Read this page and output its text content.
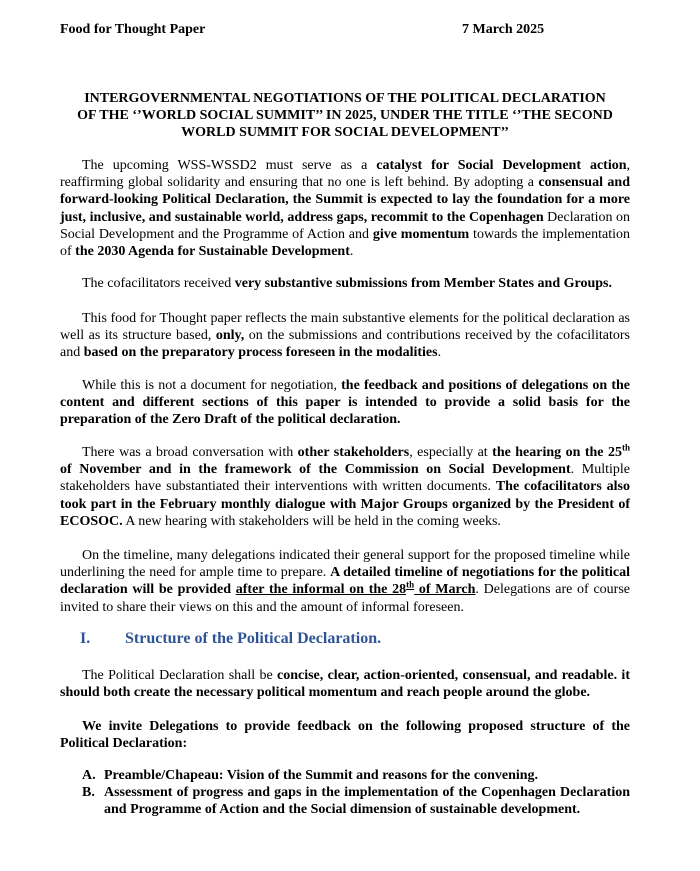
Food for Thought Paper	7 March 2025
INTERGOVERNMENTAL NEGOTIATIONS OF THE POLITICAL DECLARATION
OF THE ‘’WORLD SOCIAL SUMMIT’’ IN 2025, UNDER THE TITLE ‘’THE SECOND
WORLD SUMMIT FOR SOCIAL DEVELOPMENT’’
The upcoming WSS-WSSD2 must serve as a catalyst for Social Development action, reaffirming global solidarity and ensuring that no one is left behind. By adopting a consensual and forward-looking Political Declaration, the Summit is expected to lay the foundation for a more just, inclusive, and sustainable world, address gaps, recommit to the Copenhagen Declaration on Social Development and the Programme of Action and give momentum towards the implementation of the 2030 Agenda for Sustainable Development.
The cofacilitators received very substantive submissions from Member States and Groups.
This food for Thought paper reflects the main substantive elements for the political declaration as well as its structure based, only, on the submissions and contributions received by the cofacilitators and based on the preparatory process foreseen in the modalities.
While this is not a document for negotiation, the feedback and positions of delegations on the content and different sections of this paper is intended to provide a solid basis for the preparation of the Zero Draft of the political declaration.
There was a broad conversation with other stakeholders, especially at the hearing on the 25th of November and in the framework of the Commission on Social Development. Multiple stakeholders have substantiated their interventions with written documents. The cofacilitators also took part in the February monthly dialogue with Major Groups organized by the President of ECOSOC. A new hearing with stakeholders will be held in the coming weeks.
On the timeline, many delegations indicated their general support for the proposed timeline while underlining the need for ample time to prepare. A detailed timeline of negotiations for the political declaration will be provided after the informal on the 28th of March. Delegations are of course invited to share their views on this and the amount of informal foreseen.
I. Structure of the Political Declaration.
The Political Declaration shall be concise, clear, action-oriented, consensual, and readable. it should both create the necessary political momentum and reach people around the globe.
We invite Delegations to provide feedback on the following proposed structure of the Political Declaration:
A. Preamble/Chapeau: Vision of the Summit and reasons for the convening.
B. Assessment of progress and gaps in the implementation of the Copenhagen Declaration and Programme of Action and the Social dimension of sustainable development.
